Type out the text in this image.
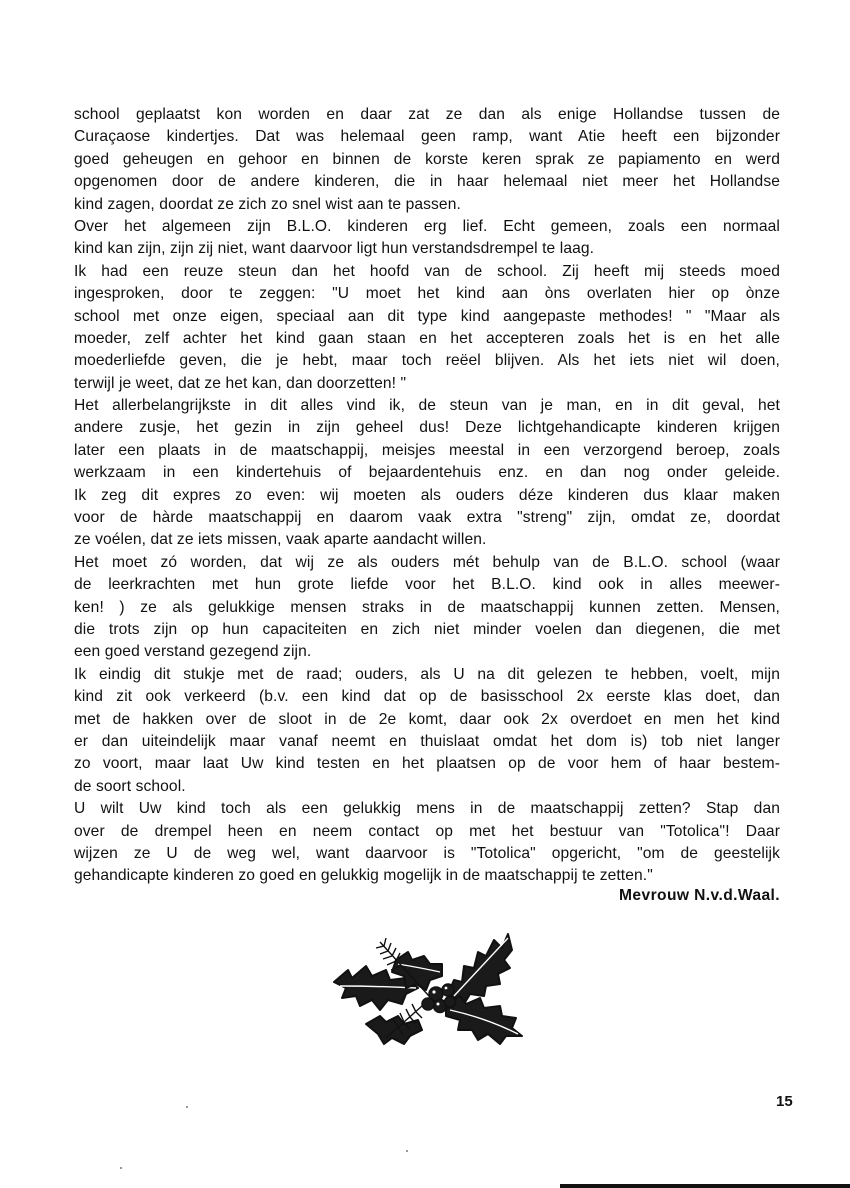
school geplaatst kon worden en daar zat ze dan als enige Hollandse tussen de
Curaçaose kindertjes. Dat was helemaal geen ramp, want Atie heeft een bijzonder
goed geheugen en gehoor en binnen de korste keren sprak ze papiamento en werd
opgenomen door de andere kinderen, die in haar helemaal niet meer het Hollandse
kind zagen, doordat ze zich zo snel wist aan te passen.
Over het algemeen zijn B.L.O. kinderen erg lief. Echt gemeen, zoals een normaal
kind kan zijn, zijn zij niet, want daarvoor ligt hun verstandsdrempel te laag.
Ik had een reuze steun dan het hoofd van de school. Zij heeft mij steeds moed
ingesproken, door te zeggen: "U moet het kind aan òns overlaten hier op ònze
school met onze eigen, speciaal aan dit type kind aangepaste methodes! " "Maar als
moeder, zelf achter het kind gaan staan en het accepteren zoals het is en het alle
moederliefde geven, die je hebt, maar toch reëel blijven. Als het iets niet wil doen,
terwijl je weet, dat ze het kan, dan doorzetten! "
Het allerbelangrijkste in dit alles vind ik, de steun van je man, en in dit geval, het
andere zusje, het gezin in zijn geheel dus! Deze lichtgehandicapte kinderen krijgen
later een plaats in de maatschappij, meisjes meestal in een verzorgend beroep, zoals
werkzaam in een kindertehuis of bejaardentehuis enz. en dan nog onder geleide.
Ik zeg dit expres zo even: wij moeten als ouders déze kinderen dus klaar maken
voor de hàrde maatschappij en daarom vaak extra "streng" zijn, omdat ze, doordat
ze voélen, dat ze iets missen, vaak aparte aandacht willen.
Het moet zó worden, dat wij ze als ouders mét behulp van de B.L.O. school (waar
de leerkrachten met hun grote liefde voor het B.L.O. kind ook in alles meewer-
ken! ) ze als gelukkige mensen straks in de maatschappij kunnen zetten. Mensen,
die trots zijn op hun capaciteiten en zich niet minder voelen dan diegenen, die met
een goed verstand gezegend zijn.
Ik eindig dit stukje met de raad; ouders, als U na dit gelezen te hebben, voelt, mijn
kind zit ook verkeerd (b.v. een kind dat op de basisschool 2x eerste klas doet, dan
met de hakken over de sloot in de 2e komt, daar ook 2x overdoet en men het kind
er dan uiteindelijk maar vanaf neemt en thuislaat omdat het dom is) tob niet langer
zo voort, maar laat Uw kind testen en het plaatsen op de voor hem of haar bestem-
de soort school.
U wilt Uw kind toch als een gelukkig mens in de maatschappij zetten? Stap dan
over de drempel heen en neem contact op met het bestuur van "Totolica"! Daar
wijzen ze U de weg wel, want daarvoor is "Totolica" opgericht, "om de geestelijk
gehandicapte kinderen zo goed en gelukkig mogelijk in de maatschappij te zetten."
Mevrouw N.v.d.Waal.
15
